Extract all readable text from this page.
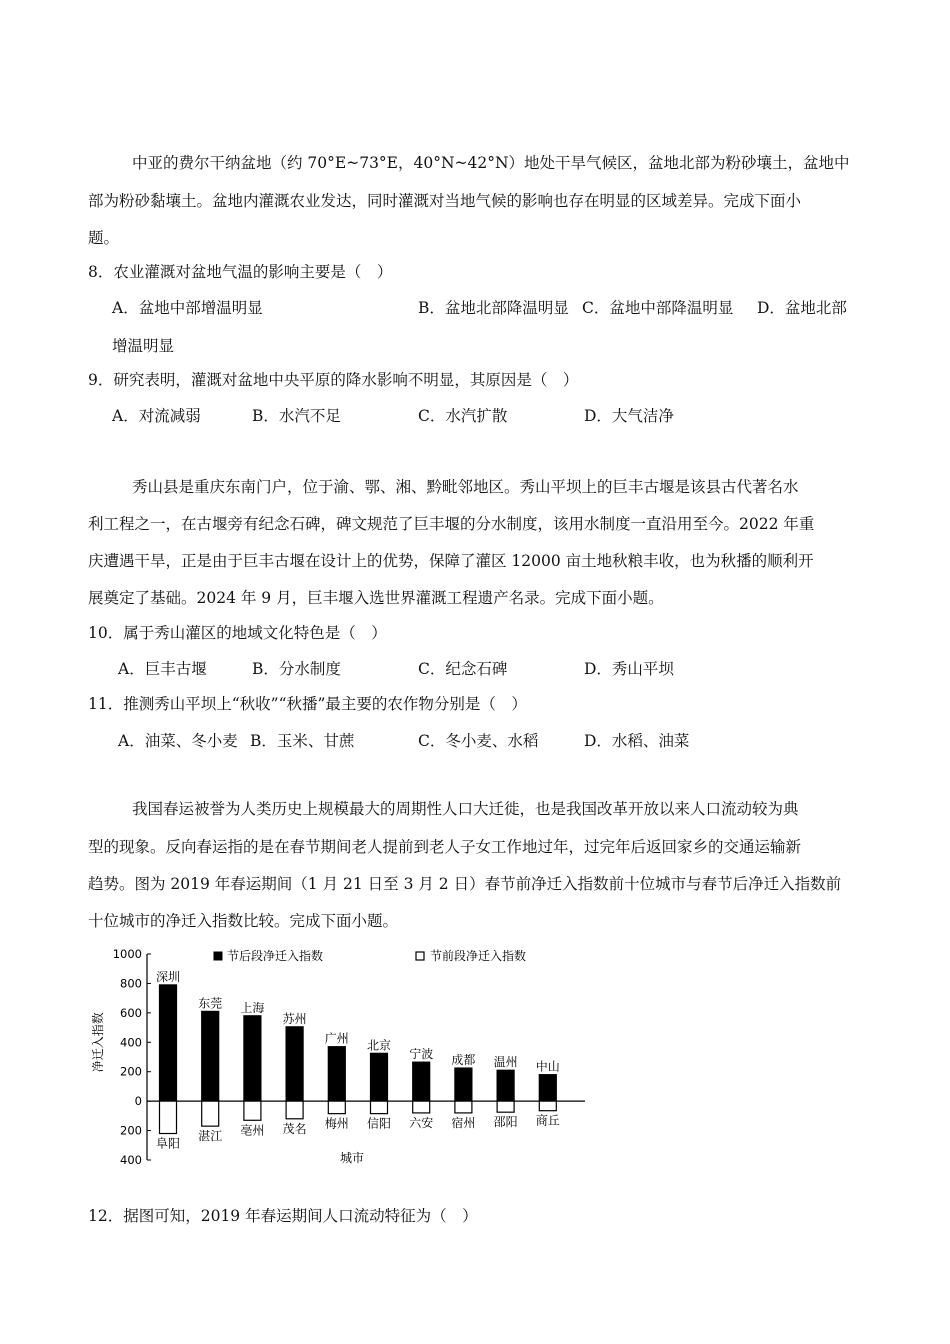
中亚的费尔干纳盆地（约 70°E~73°E，40°N~42°N）地处干旱气候区，盆地北部为粉砂壤土，盆地中
部为粉砂黏壤土。盆地内灌溉农业发达，同时灌溉对当地气候的影响也存在明显的区域差异。完成下面小
题。
8．农业灌溉对盆地气温的影响主要是（　）
A．盆地中部增温明显	B．盆地北部降温明显 C．盆地中部降温明显 D．盆地北部
增温明显
9．研究表明，灌溉对盆地中央平原的降水影响不明显，其原因是（　）
A．对流减弱	B．水汽不足	C．水汽扩散	D．大气洁净
秀山县是重庆东南门户，位于渝、鄂、湘、黔毗邻地区。秀山平坝上的巨丰古堰是该县古代著名水
利工程之一，在古堰旁有纪念石碑，碑文规范了巨丰堰的分水制度，该用水制度一直沿用至今。2022 年重
庆遭遇干旱，正是由于巨丰古堰在设计上的优势，保障了灌区 12000 亩土地秋粮丰收，也为秋播的顺利开
展奠定了基础。2024 年 9 月，巨丰堰入选世界灌溉工程遗产名录。完成下面小题。
10．属于秀山灌区的地域文化特色是（　）
A．巨丰古堰	B．分水制度	C．纪念石碑	D．秀山平坝
11．推测秀山平坝上“秋收”“秋播”最主要的农作物分别是（　）
A．油菜、冬小麦 B．玉米、甘蔗	C．冬小麦、水稻	D．水稻、油菜
我国春运被誉为人类历史上规模最大的周期性人口大迁徙，也是我国改革开放以来人口流动较为典
型的现象。反向春运指的是在春节期间老人提前到老人子女工作地过年，过完年后返回家乡的交通运输新
趋势。图为 2019 年春运期间（1 月 21 日至 3 月 2 日）春节前净迁入指数前十位城市与春节后净迁入指数前
十位城市的净迁入指数比较。完成下面小题。
1000
800
600
400
200
0
200
400
净迁入指数
城市
深圳
东莞 上海
苏州
广州 北京
宁波 成都 温州 中山
阜阳
湛江 亳州 茂名 梅州 信阳 六安 宿州 邵阳 商丘
节后段净迁入指数	节前段净迁入指数
12．据图可知，2019 年春运期间人口流动特征为（　）
